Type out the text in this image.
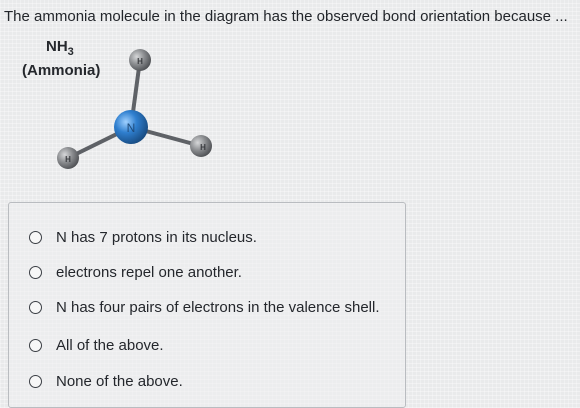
The ammonia molecule in the diagram has the observed bond orientation because ...
H
H
H
N
$NH_3$
(Ammonia)
N has 7 protons in its nucleus.
electrons repel one another.
N has four pairs of electrons in the valence shell.
All of the above.
None of the above.
